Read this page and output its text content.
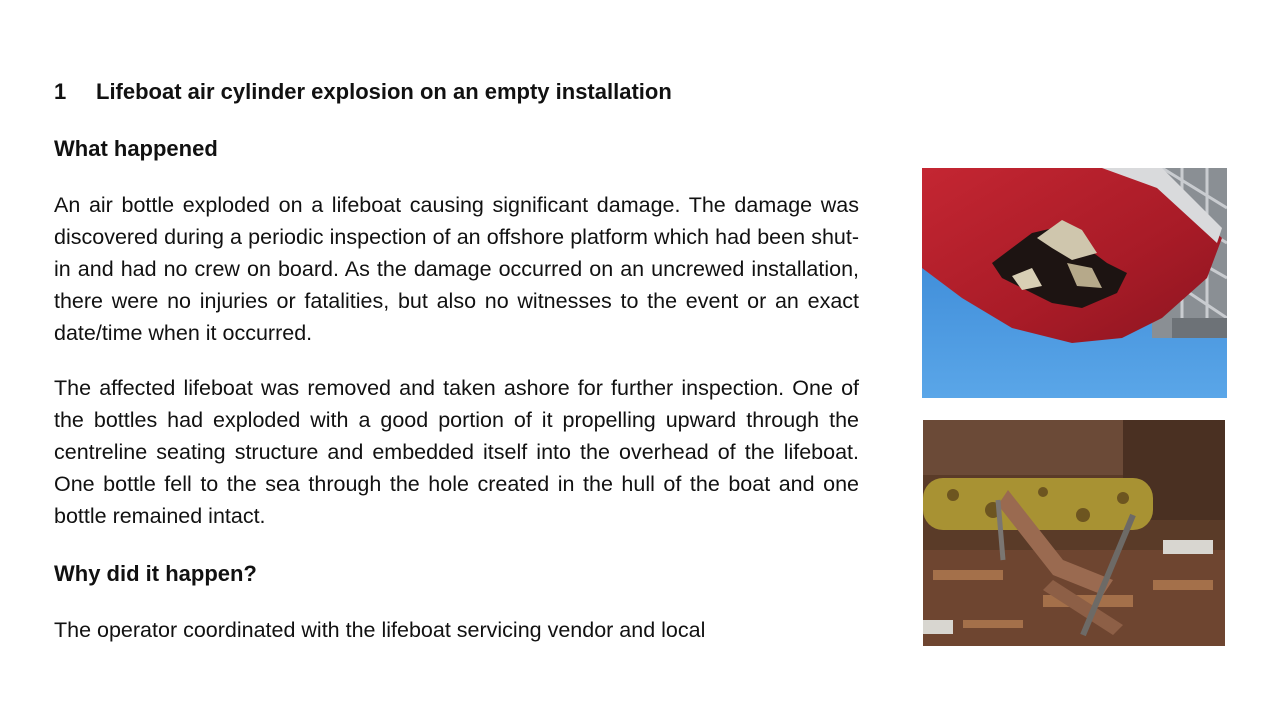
1	Lifeboat air cylinder explosion on an empty installation
What happened

An air bottle exploded on a lifeboat causing significant damage. The damage was discovered during a periodic inspection of an offshore platform which had been shut-in and had no crew on board. As the damage occurred on an uncrewed installation, there were no injuries or fatalities, but also no witnesses to the event or an exact date/time when it occurred.

The affected lifeboat was removed and taken ashore for further inspection. One of the bottles had exploded with a good portion of it propelling upward through the centreline seating structure and embedded itself into the overhead of the lifeboat. One bottle fell to the sea through the hole created in the hull of the boat and one bottle remained intact.

Why did it happen?

The operator coordinated with the lifeboat servicing vendor and local
